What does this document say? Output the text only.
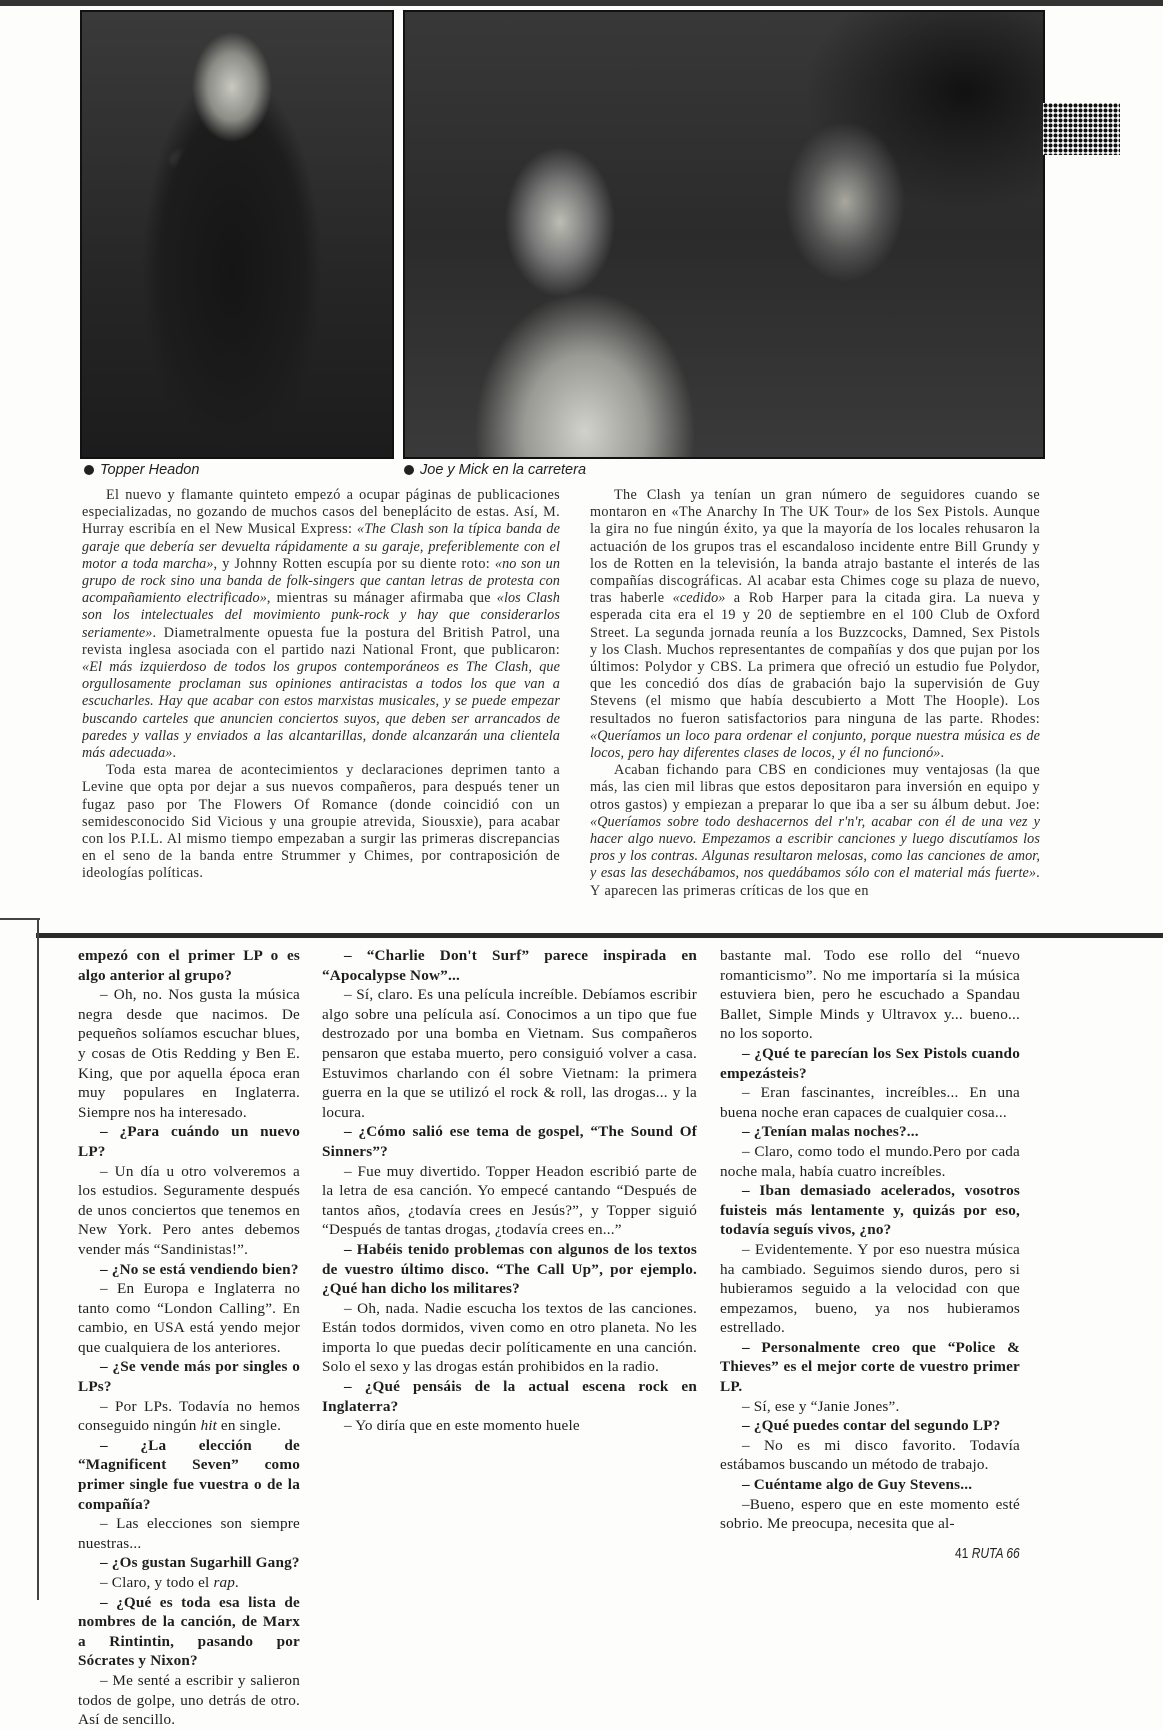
Topper Headon	Joe y Mick en la carretera

El nuevo y flamante quinteto empezó a ocupar páginas de publicaciones especializadas, no gozando de muchos casos del beneplácito de estas. Así, M. Hurray escribía en el New Musical Express: «The Clash son la típica banda de garaje que debería ser devuelta rápidamente a su garaje, preferiblemente con el motor a toda marcha», y Johnny Rotten escupía por su diente roto: «no son un grupo de rock sino una banda de folk-singers que cantan letras de protesta con acompañamiento electrificado», mientras su mánager afirmaba que «los Clash son los intelectuales del movimiento punk-rock y hay que considerarlos seriamente». Diametralmente opuesta fue la postura del British Patrol, una revista inglesa asociada con el partido nazi National Front, que publicaron: «El más izquierdoso de todos los grupos contemporáneos es The Clash, que orgullosamente proclaman sus opiniones antiracistas a todos los que van a escucharles. Hay que acabar con estos marxistas musicales, y se puede empezar buscando carteles que anuncien conciertos suyos, que deben ser arrancados de paredes y vallas y enviados a las alcantarillas, donde alcanzarán una clientela más adecuada».

Toda esta marea de acontecimientos y declaraciones deprimen tanto a Levine que opta por dejar a sus nuevos compañeros, para después tener un fugaz paso por The Flowers Of Romance (donde coincidió con un semidesconocido Sid Vicious y una groupie atrevida, Siousxie), para acabar con los P.I.L. Al mismo tiempo empezaban a surgir las primeras discrepancias en el seno de la banda entre Strummer y Chimes, por contraposición de ideologías políticas.

The Clash ya tenían un gran número de seguidores cuando se montaron en «The Anarchy In The UK Tour» de los Sex Pistols. Aunque la gira no fue ningún éxito, ya que la mayoría de los locales rehusaron la actuación de los grupos tras el escandaloso incidente entre Bill Grundy y los de Rotten en la televisión, la banda atrajo bastante el interés de las compañías discográficas. Al acabar esta Chimes coge su plaza de nuevo, tras haberle «cedido» a Rob Harper para la citada gira. La nueva y esperada cita era el 19 y 20 de septiembre en el 100 Club de Oxford Street. La segunda jornada reunía a los Buzzcocks, Damned, Sex Pistols y los Clash. Muchos representantes de compañías y dos que pujan por los últimos: Polydor y CBS. La primera que ofreció un estudio fue Polydor, que les concedió dos días de grabación bajo la supervisión de Guy Stevens (el mismo que había descubierto a Mott The Hoople). Los resultados no fueron satisfactorios para ninguna de las parte. Rhodes: «Queríamos un loco para ordenar el conjunto, porque nuestra música es de locos, pero hay diferentes clases de locos, y él no funcionó».

Acaban fichando para CBS en condiciones muy ventajosas (la que más, las cien mil libras que estos depositaron para inversión en equipo y otros gastos) y empiezan a preparar lo que iba a ser su álbum debut. Joe: «Queríamos sobre todo deshacernos del r'n'r, acabar con él de una vez y hacer algo nuevo. Empezamos a escribir canciones y luego discutíamos los pros y los contras. Algunas resultaron melosas, como las canciones de amor, y esas las desechábamos, nos quedábamos sólo con el material más fuerte». Y aparecen las primeras críticas de los que en

empezó con el primer LP o es algo anterior al grupo?

– Oh, no. Nos gusta la música negra desde que nacimos. De pequeños solíamos escuchar blues, y cosas de Otis Redding y Ben E. King, que por aquella época eran muy populares en Inglaterra. Siempre nos ha interesado.

– ¿Para cuándo un nuevo LP?

– Un día u otro volveremos a los estudios. Seguramente después de unos conciertos que tenemos en New York. Pero antes debemos vender más “Sandinistas!”.

– ¿No se está vendiendo bien?

– En Europa e Inglaterra no tanto como “London Calling”. En cambio, en USA está yendo mejor que cualquiera de los anteriores.

– ¿Se vende más por singles o LPs?

– Por LPs. Todavía no hemos conseguido ningún hit en single.

– ¿La elección de “Magnificent Seven” como primer single fue vuestra o de la compañía?

– Las elecciones son siempre nuestras...

– ¿Os gustan Sugarhill Gang?

– Claro, y todo el rap.

– ¿Qué es toda esa lista de nombres de la canción, de Marx a Rintintin, pasando por Sócrates y Nixon?

– Me senté a escribir y salieron todos de golpe, uno detrás de otro. Así de sencillo.

– “Charlie Don't Surf” parece inspirada en “Apocalypse Now”...

– Sí, claro. Es una película increíble. Debíamos escribir algo sobre una película así. Conocimos a un tipo que fue destrozado por una bomba en Vietnam. Sus compañeros pensaron que estaba muerto, pero consiguió volver a casa. Estuvimos charlando con él sobre Vietnam: la primera guerra en la que se utilizó el rock & roll, las drogas... y la locura.

– ¿Cómo salió ese tema de gospel, “The Sound Of Sinners”?

– Fue muy divertido. Topper Headon escribió parte de la letra de esa canción. Yo empecé cantando “Después de tantos años, ¿todavía crees en Jesús?”, y Topper siguió “Después de tantas drogas, ¿todavía crees en...”

– Habéis tenido problemas con algunos de los textos de vuestro último disco. “The Call Up”, por ejemplo. ¿Qué han dicho los militares?

– Oh, nada. Nadie escucha los textos de las canciones. Están todos dormidos, viven como en otro planeta. No les importa lo que puedas decir políticamente en una canción. Solo el sexo y las drogas están prohibidos en la radio.

– ¿Qué pensáis de la actual escena rock en Inglaterra?

– Yo diría que en este momento huele

bastante mal. Todo ese rollo del “nuevo romanticismo”. No me importaría si la música estuviera bien, pero he escuchado a Spandau Ballet, Simple Minds y Ultravox y... bueno... no los soporto.

– ¿Qué te parecían los Sex Pistols cuando empezásteis?

– Eran fascinantes, increíbles... En una buena noche eran capaces de cualquier cosa...

– ¿Tenían malas noches?...

– Claro, como todo el mundo.Pero por cada noche mala, había cuatro increíbles.

– Iban demasiado acelerados, vosotros fuisteis más lentamente y, quizás por eso, todavía seguís vivos, ¿no?

– Evidentemente. Y por eso nuestra música ha cambiado. Seguimos siendo duros, pero si hubieramos seguido a la velocidad con que empezamos, bueno, ya nos hubieramos estrellado.

– Personalmente creo que “Police & Thieves” es el mejor corte de vuestro primer LP.

– Sí, ese y “Janie Jones”.

– ¿Qué puedes contar del segundo LP?

– No es mi disco favorito. Todavía estábamos buscando un método de trabajo.

– Cuéntame algo de Guy Stevens...

–Bueno, espero que en este momento esté sobrio. Me preocupa, necesita que al-

41 RUTA 66
